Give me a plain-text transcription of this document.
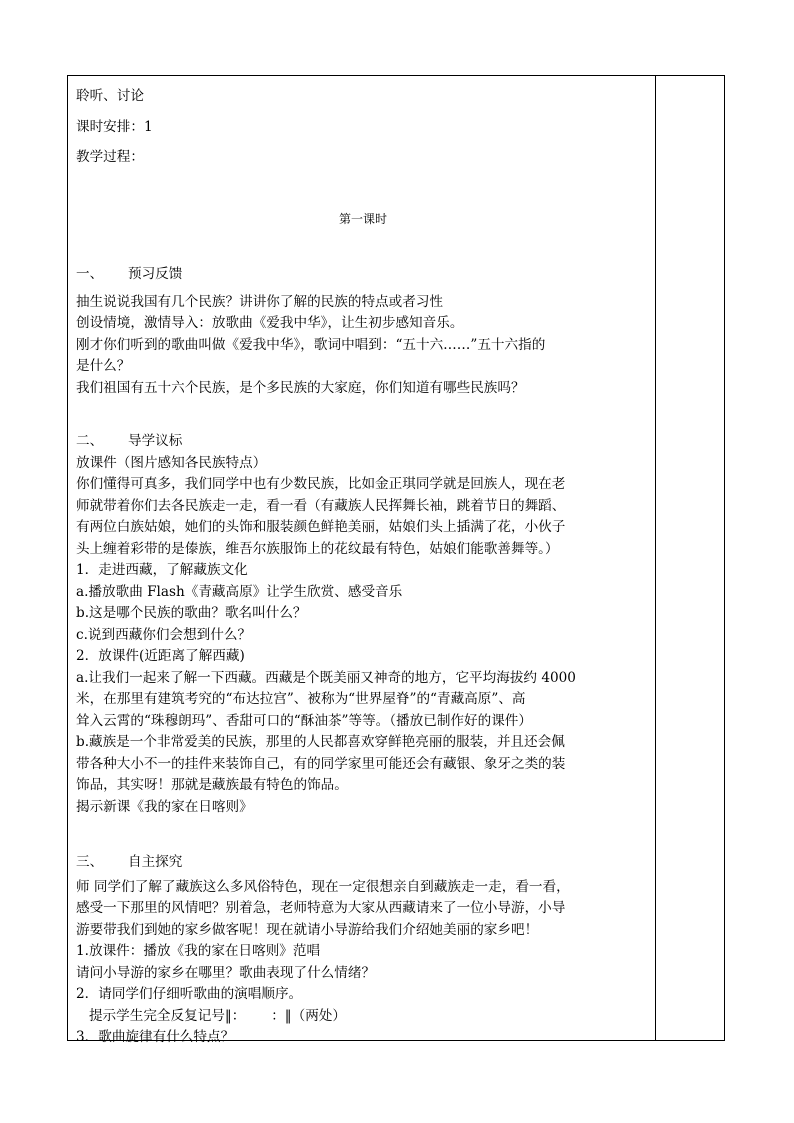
聆听、讨论
课时安排：1
教学过程：
第一课时
一、 预习反馈
抽生说说我国有几个民族？讲讲你了解的民族的特点或者习性
创设情境，激情导入：放歌曲《爱我中华》，让生初步感知音乐。
刚才你们听到的歌曲叫做《爱我中华》，歌词中唱到：“五十六……”五十六指的
是什么？
我们祖国有五十六个民族，是个多民族的大家庭，你们知道有哪些民族吗？
二、 导学议标
放课件（图片感知各民族特点）
你们懂得可真多，我们同学中也有少数民族，比如金正琪同学就是回族人，现在老
师就带着你们去各民族走一走，看一看（有藏族人民挥舞长袖，跳着节日的舞蹈、
有两位白族姑娘，她们的头饰和服装颜色鲜艳美丽，姑娘们头上插满了花，小伙子
头上缠着彩带的是傣族，维吾尔族服饰上的花纹最有特色，姑娘们能歌善舞等。）
1．走进西藏，了解藏族文化
a.播放歌曲 Flash《青藏高原》让学生欣赏、感受音乐
b.这是哪个民族的歌曲？歌名叫什么？
c.说到西藏你们会想到什么？
2．放课件(近距离了解西藏)
a.让我们一起来了解一下西藏。西藏是个既美丽又神奇的地方，它平均海拔约 4000
米，在那里有建筑考究的“布达拉宫”、被称为“世界屋脊”的“青藏高原”、高
耸入云霄的“珠穆朗玛”、香甜可口的“酥油茶”等等。（播放已制作好的课件）
b.藏族是一个非常爱美的民族，那里的人民都喜欢穿鲜艳亮丽的服装，并且还会佩
带各种大小不一的挂件来装饰自己，有的同学家里可能还会有藏银、象牙之类的装
饰品，其实呀！那就是藏族最有特色的饰品。
揭示新课《我的家在日喀则》
三、 自主探究
师 同学们了解了藏族这么多风俗特色，现在一定很想亲自到藏族走一走，看一看，
感受一下那里的风情吧？别着急，老师特意为大家从西藏请来了一位小导游，小导
游要带我们到她的家乡做客呢！现在就请小导游给我们介绍她美丽的家乡吧！
1.放课件：播放《我的家在日喀则》范唱
请问小导游的家乡在哪里？歌曲表现了什么情绪？
2．请同学们仔细听歌曲的演唱顺序。
提示学生完全反复记号‖：      ：‖（两处）
3．歌曲旋律有什么特点？
